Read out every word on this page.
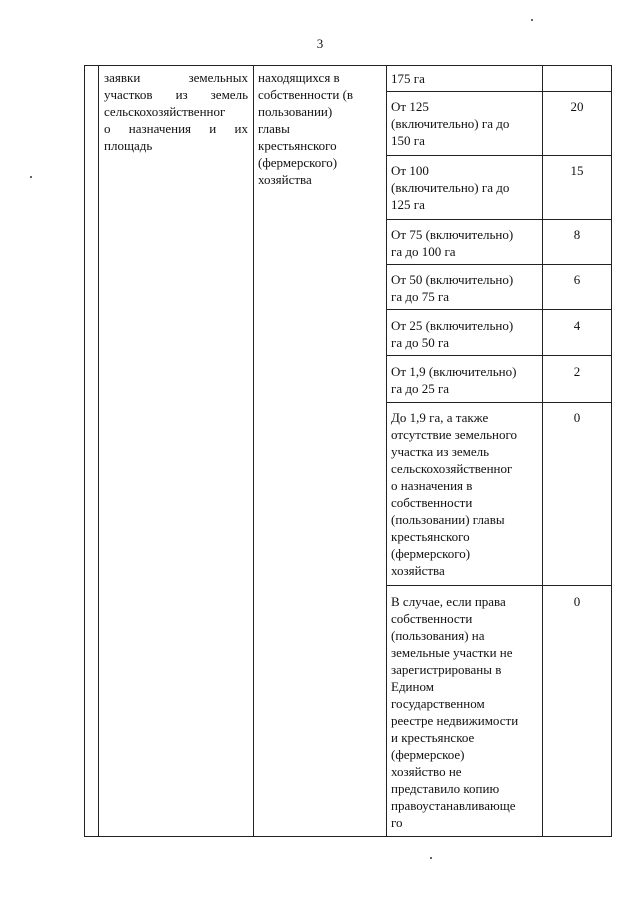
3
заявки земельных
участков из земель
сельскохозяйственног
о назначения и их
площадь
находящихся в
собственности (в
пользовании)
главы
крестьянского
(фермерского)
хозяйства
175 га
От 125
(включительно) га до
150 га
20
От 100
(включительно) га до
125 га
15
От 75 (включительно)
га до 100 га
8
От 50 (включительно)
га до 75 га
6
От 25 (включительно)
га до 50 га
4
От 1,9 (включительно)
га до 25 га
2
До 1,9 га, а также
отсутствие земельного
участка из земель
сельскохозяйственног
о назначения в
собственности
(пользовании) главы
крестьянского
(фермерского)
хозяйства
0
В случае, если права
собственности
(пользования) на
земельные участки не
зарегистрированы в
Едином
государственном
реестре недвижимости
и крестьянское
(фермерское)
хозяйство не
представило копию
правоустанавливающе
го
0
